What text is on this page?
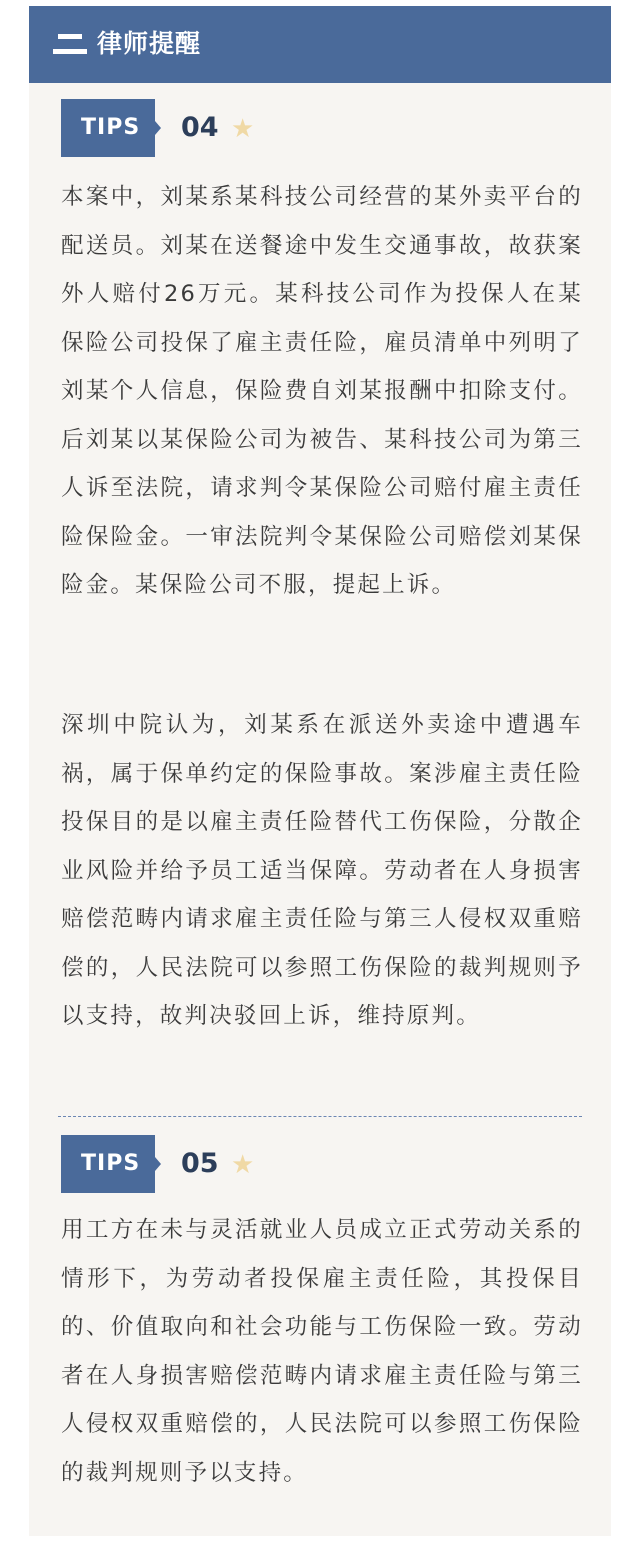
律师提醒
TIPS 04 ★

本案中，刘某系某科技公司经营的某外卖平台的配送员。刘某在送餐途中发生交通事故，故获案外人赔付26万元。某科技公司作为投保人在某保险公司投保了雇主责任险，雇员清单中列明了刘某个人信息，保险费自刘某报酬中扣除支付。后刘某以某保险公司为被告、某科技公司为第三人诉至法院，请求判令某保险公司赔付雇主责任险保险金。一审法院判令某保险公司赔偿刘某保险金。某保险公司不服，提起上诉。

深圳中院认为，刘某系在派送外卖途中遭遇车祸，属于保单约定的保险事故。案涉雇主责任险投保目的是以雇主责任险替代工伤保险，分散企业风险并给予员工适当保障。劳动者在人身损害赔偿范畴内请求雇主责任险与第三人侵权双重赔偿的，人民法院可以参照工伤保险的裁判规则予以支持，故判决驳回上诉，维持原判。

TIPS 05 ★

用工方在未与灵活就业人员成立正式劳动关系的情形下，为劳动者投保雇主责任险，其投保目的、价值取向和社会功能与工伤保险一致。劳动者在人身损害赔偿范畴内请求雇主责任险与第三人侵权双重赔偿的，人民法院可以参照工伤保险的裁判规则予以支持。
